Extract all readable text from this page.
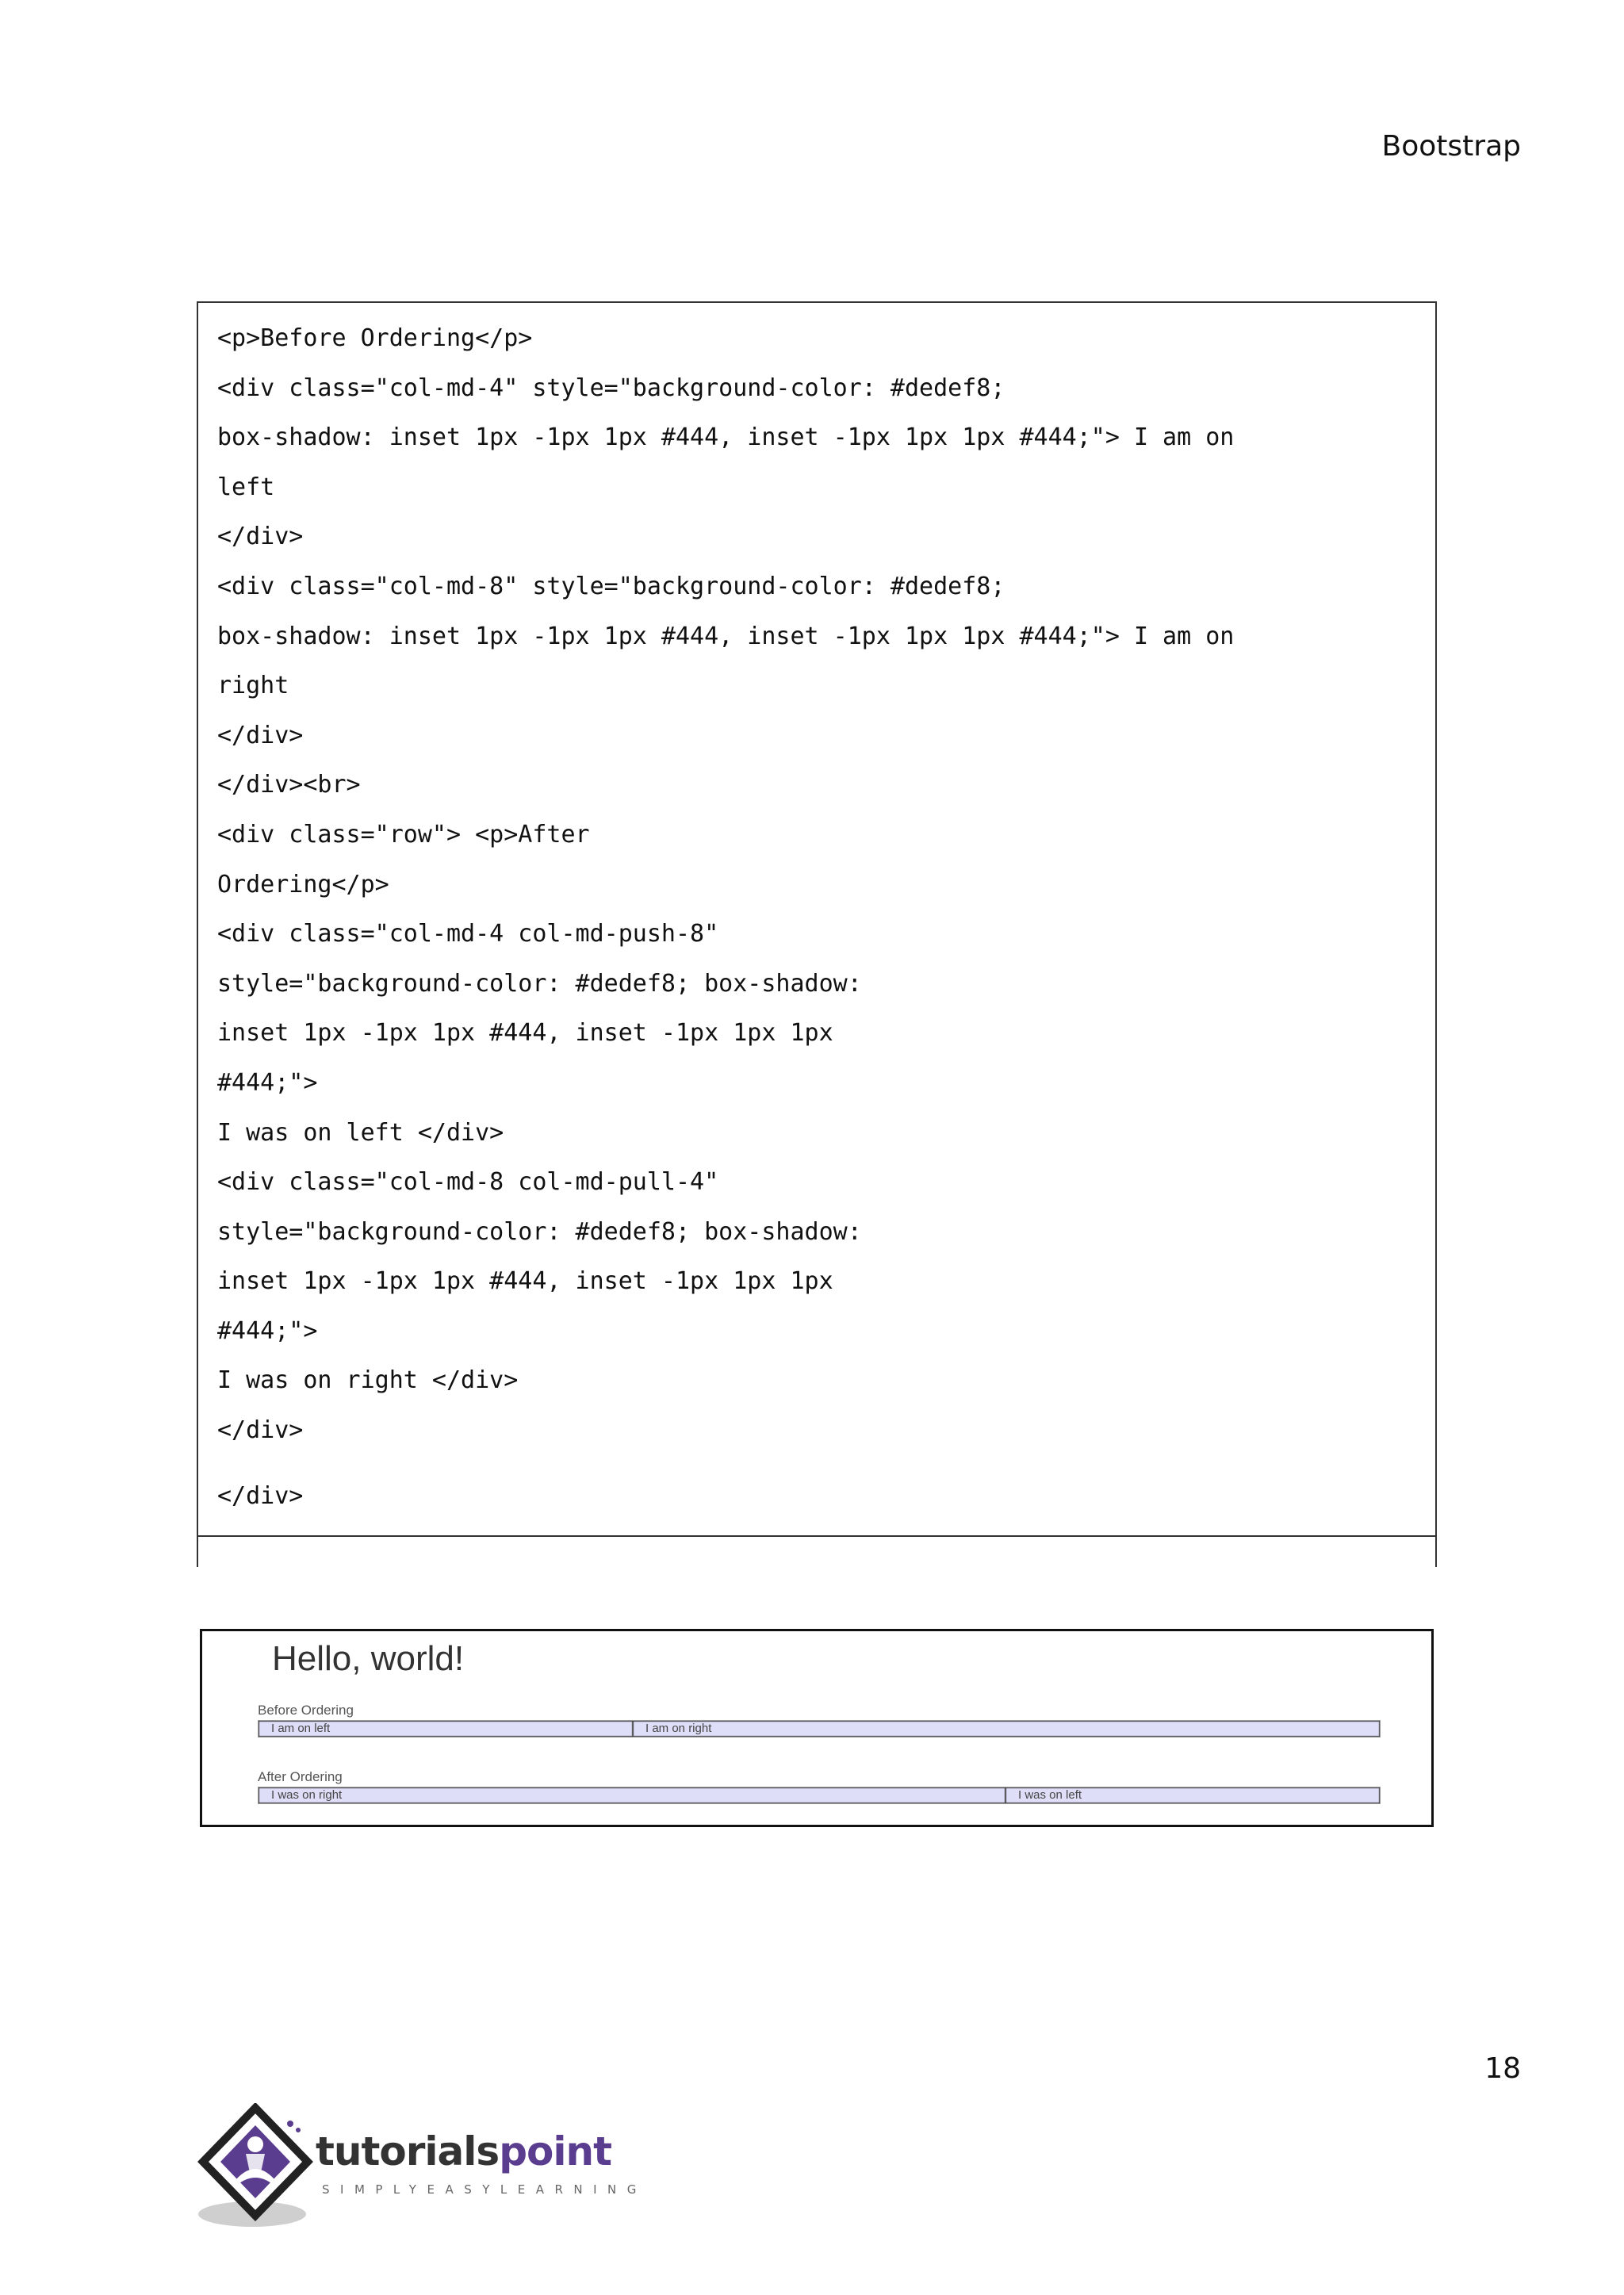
Bootstrap
<p>Before Ordering</p>
<div class="col-md-4" style="background-color: #dedef8;
box-shadow: inset 1px -1px 1px #444, inset -1px 1px 1px #444;"> I am on
left
</div>
<div class="col-md-8" style="background-color: #dedef8;
box-shadow: inset 1px -1px 1px #444, inset -1px 1px 1px #444;"> I am on
right
</div>
</div><br>
<div class="row"> <p>After
Ordering</p>
<div class="col-md-4 col-md-push-8"
style="background-color: #dedef8; box-shadow:
inset 1px -1px 1px #444, inset -1px 1px 1px
#444;">
I was on left </div>
<div class="col-md-8 col-md-pull-4"
style="background-color: #dedef8; box-shadow:
inset 1px -1px 1px #444, inset -1px 1px 1px
#444;">
I was on right </div>
</div>
</div>
Hello, world!
Before Ordering
I am on left	I am on right
After Ordering
I was on right	I was on left
18
tutorialspoint
SIMPLYEASYLEARNING
